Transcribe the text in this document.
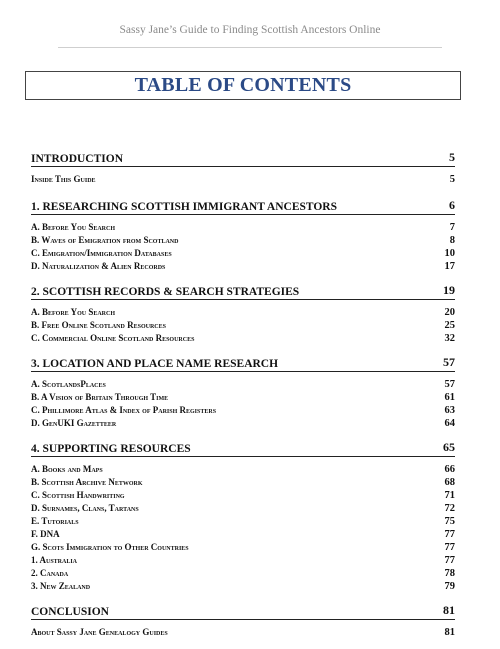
Sassy Jane’s Guide to Finding Scottish Ancestors Online
TABLE OF CONTENTS
INTRODUCTION	5
Inside This Guide	5
1. RESEARCHING SCOTTISH IMMIGRANT ANCESTORS	6
A. Before You Search	7
B. Waves of Emigration from Scotland	8
C. Emigration/Immigration Databases	10
D. Naturalization & Alien Records	17
2. SCOTTISH RECORDS & SEARCH STRATEGIES	19
A. Before You Search	20
B. Free Online Scotland Resources	25
C. Commercial Online Scotland Resources	32
3. LOCATION AND PLACE NAME RESEARCH	57
A. ScotlandsPlaces	57
B. A Vision of Britain Through Time	61
C. Phillimore Atlas & Index of Parish Registers	63
D. GenUKI Gazetteer	64
4. SUPPORTING RESOURCES	65
A. Books and Maps	66
B. Scottish Archive Network	68
C. Scottish Handwriting	71
D. Surnames, Clans, Tartans	72
E. Tutorials	75
F. DNA	77
G. Scots Immigration to Other Countries	77
1. Australia	77
2. Canada	78
3. New Zealand	79
CONCLUSION	81
About Sassy Jane Genealogy Guides	81
